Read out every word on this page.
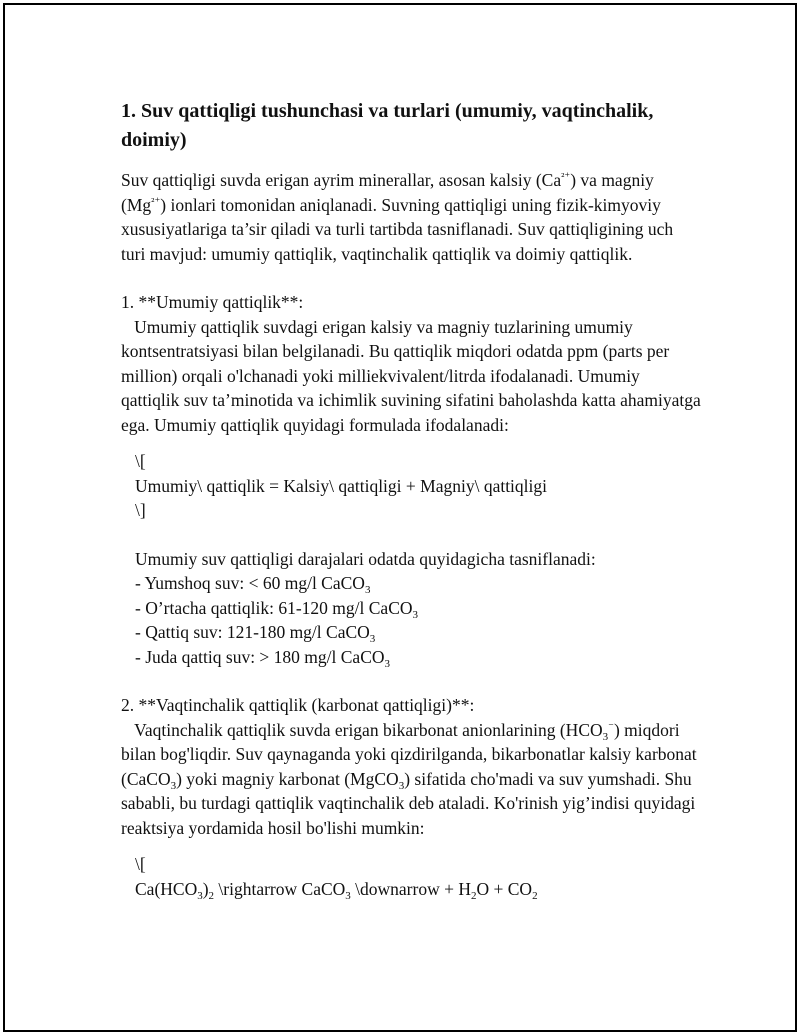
1. Suv qattiqligi tushunchasi va turlari (umumiy, vaqtinchalik, doimiy)

Suv qattiqligi suvda erigan ayrim minerallar, asosan kalsiy $(Ca^{^{2+}})$ va magniy $(Mg^{^{2+}})$ ionlari tomonidan aniqlanadi. Suvning qattiqligi uning fizik-kimyoviy xususiyatlariga ta’sir qiladi va turli tartibda tasniflanadi. Suv qattiqligining uch turi mavjud: umumiy qattiqlik, vaqtinchalik qattiqlik va doimiy qattiqlik.

1. **Umumiy qattiqlik**:

Umumiy qattiqlik suvdagi erigan kalsiy va magniy tuzlarining umumiy kontsentratsiyasi bilan belgilanadi. Bu qattiqlik miqdori odatda ppm (parts per million) orqali o'lchanadi yoki milliekvivalent/litrda ifodalanadi. Umumiy qattiqlik suv ta’minotida va ichimlik suvining sifatini baholashda katta ahamiyatga ega. Umumiy qattiqlik quyidagi formulada ifodalanadi:

\[

Umumiy\ qattiqlik = Kalsiy\ qattiqligi + Magniy\ qattiqligi

\]

Umumiy suv qattiqligi darajalari odatda quyidagicha tasniflanadi:

- Yumshoq suv: < 60 mg/l CaCO$_3$

- O’rtacha qattiqlik: 61-120 mg/l CaCO$_3$

- Qattiq suv: 121-180 mg/l CaCO$_3$

- Juda qattiq suv: > 180 mg/l CaCO$_3$

2. **Vaqtinchalik qattiqlik (karbonat qattiqligi)**:

Vaqtinchalik qattiqlik suvda erigan bikarbonat anionlarining $(HCO_3^{^-})$ miqdori bilan bog'liqdir. Suv qaynaganda yoki qizdirilganda, bikarbonatlar kalsiy karbonat (CaCO$_3$) yoki magniy karbonat (MgCO$_3$) sifatida cho'madi va suv yumshadi. Shu sababli, bu turdagi qattiqlik vaqtinchalik deb ataladi. Ko'rinish yig’indisi quyidagi reaktsiya yordamida hosil bo'lishi mumkin:

\[

$Ca(HCO_3)_2$ \rightarrow CaCO$_3$ \downarrow + $H_2O + CO_2$
